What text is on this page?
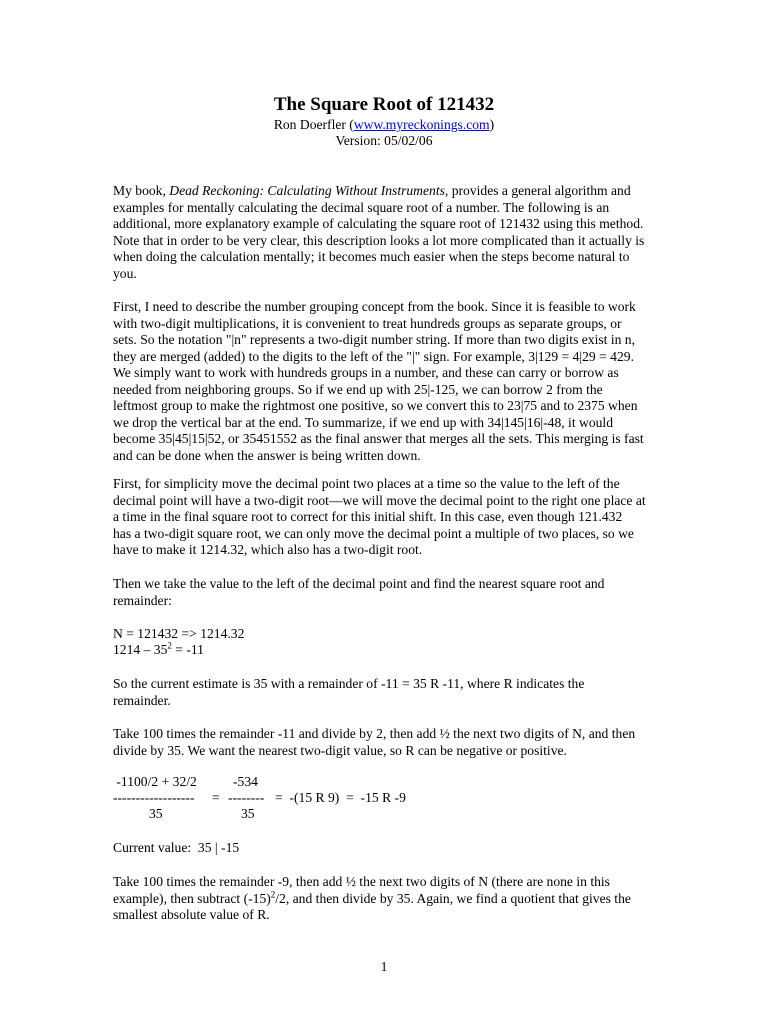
The Square Root of 121432
Ron Doerfler (www.myreckonings.com)
Version: 05/02/06
My book, Dead Reckoning: Calculating Without Instruments, provides a general algorithm and
examples for mentally calculating the decimal square root of a number. The following is an
additional, more explanatory example of calculating the square root of 121432 using this method.
Note that in order to be very clear, this description looks a lot more complicated than it actually is
when doing the calculation mentally; it becomes much easier when the steps become natural to
you.
First, I need to describe the number grouping concept from the book. Since it is feasible to work
with two-digit multiplications, it is convenient to treat hundreds groups as separate groups, or
sets. So the notation "|n" represents a two-digit number string. If more than two digits exist in n,
they are merged (added) to the digits to the left of the "|" sign. For example, 3|129 = 4|29 = 429.
We simply want to work with hundreds groups in a number, and these can carry or borrow as
needed from neighboring groups. So if we end up with 25|-125, we can borrow 2 from the
leftmost group to make the rightmost one positive, so we convert this to 23|75 and to 2375 when
we drop the vertical bar at the end. To summarize, if we end up with 34|145|16|-48, it would
become 35|45|15|52, or 35451552 as the final answer that merges all the sets. This merging is fast
and can be done when the answer is being written down.
First, for simplicity move the decimal point two places at a time so the value to the left of the
decimal point will have a two-digit root—we will move the decimal point to the right one place at
a time in the final square root to correct for this initial shift. In this case, even though 121.432
has a two-digit square root, we can only move the decimal point a multiple of two places, so we
have to make it 1214.32, which also has a two-digit root.
Then we take the value to the left of the decimal point and find the nearest square root and
remainder:
N = 121432 => 1214.32
$1214 - 35^2 = -11$
So the current estimate is 35 with a remainder of -11 = 35 R -11, where R indicates the
remainder.
Take 100 times the remainder -11 and divide by 2, then add ½ the next two digits of N, and then
divide by 35. We want the nearest two-digit value, so R can be negative or positive.
-1100/2 + 32/2	-534
------------------ = -------- =  -(15 R 9)  =  -15 R -9
35	35
Current value:  35 | -15
Take 100 times the remainder -9, then add ½ the next two digits of N (there are none in this
example), then subtract $(-15)^2/2$, and then divide by 35. Again, we find a quotient that gives the
smallest absolute value of R.
1
